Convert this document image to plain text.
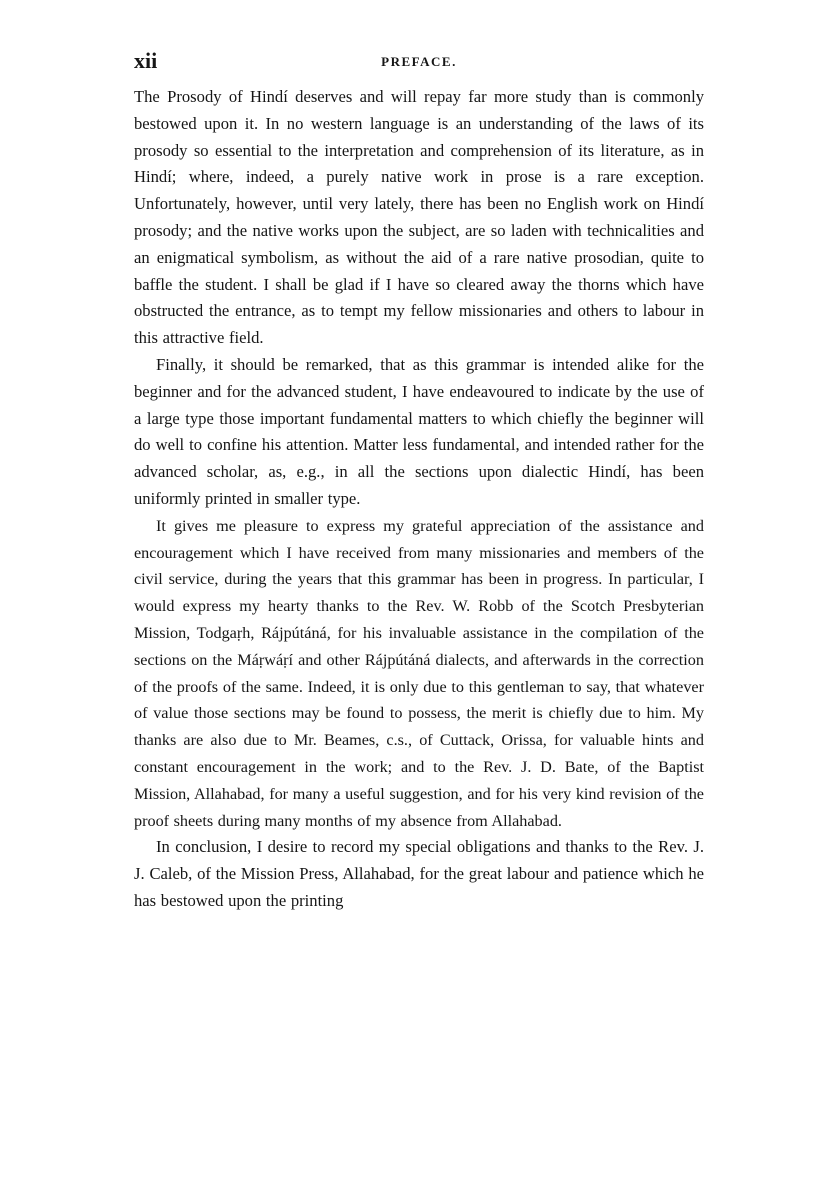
xii	PREFACE.

The Prosody of Hindí deserves and will repay far more study than is commonly bestowed upon it. In no western language is an understanding of the laws of its prosody so essential to the interpretation and comprehension of its literature, as in Hindí; where, indeed, a purely native work in prose is a rare exception. Unfortunately, however, until very lately, there has been no English work on Hindí prosody; and the native works upon the subject, are so laden with technicalities and an enigmatical symbolism, as without the aid of a rare native prosodian, quite to baffle the student. I shall be glad if I have so cleared away the thorns which have obstructed the entrance, as to tempt my fellow missionaries and others to labour in this attractive field.

Finally, it should be remarked, that as this grammar is intended alike for the beginner and for the advanced student, I have endeavoured to indicate by the use of a large type those important fundamental matters to which chiefly the beginner will do well to confine his attention. Matter less fundamental, and intended rather for the advanced scholar, as, e.g., in all the sections upon dialectic Hindí, has been uniformly printed in smaller type.

It gives me pleasure to express my grateful appreciation of the assistance and encouragement which I have received from many missionaries and members of the civil service, during the years that this grammar has been in progress. In particular, I would express my hearty thanks to the Rev. W. Robb of the Scotch Presbyterian Mission, Todgaṛh, Rájpútáná, for his invaluable assistance in the compilation of the sections on the Máṛwáṛí and other Rájpútáná dialects, and afterwards in the correction of the proofs of the same. Indeed, it is only due to this gentleman to say, that whatever of value those sections may be found to possess, the merit is chiefly due to him. My thanks are also due to Mr. Beames, c.s., of Cuttack, Orissa, for valuable hints and constant encouragement in the work; and to the Rev. J. D. Bate, of the Baptist Mission, Allahabad, for many a useful suggestion, and for his very kind revision of the proof sheets during many months of my absence from Allahabad.

In conclusion, I desire to record my special obligations and thanks to the Rev. J. J. Caleb, of the Mission Press, Allahabad, for the great labour and patience which he has bestowed upon the printing
